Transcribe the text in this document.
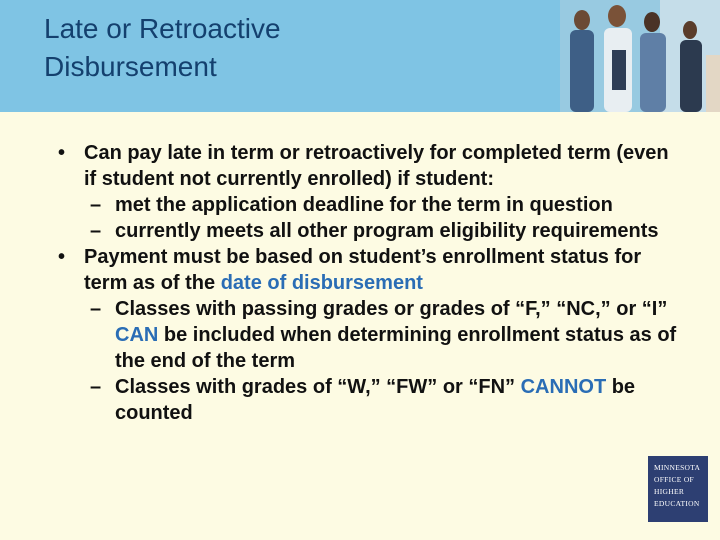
Late or Retroactive
Disbursement
• Can pay late in term or retroactively for completed term (even if student not currently enrolled) if student:
– met the application deadline for the term in question
– currently meets all other program eligibility requirements
• Payment must be based on student’s enrollment status for term as of the date of disbursement
– Classes with passing grades or grades of “F,” “NC,” or “I” CAN be included when determining enrollment status as of the end of the term
– Classes with grades of “W,” “FW” or “FN” CANNOT be counted
MINNESOTA
OFFICE OF
HIGHER
EDUCATION
